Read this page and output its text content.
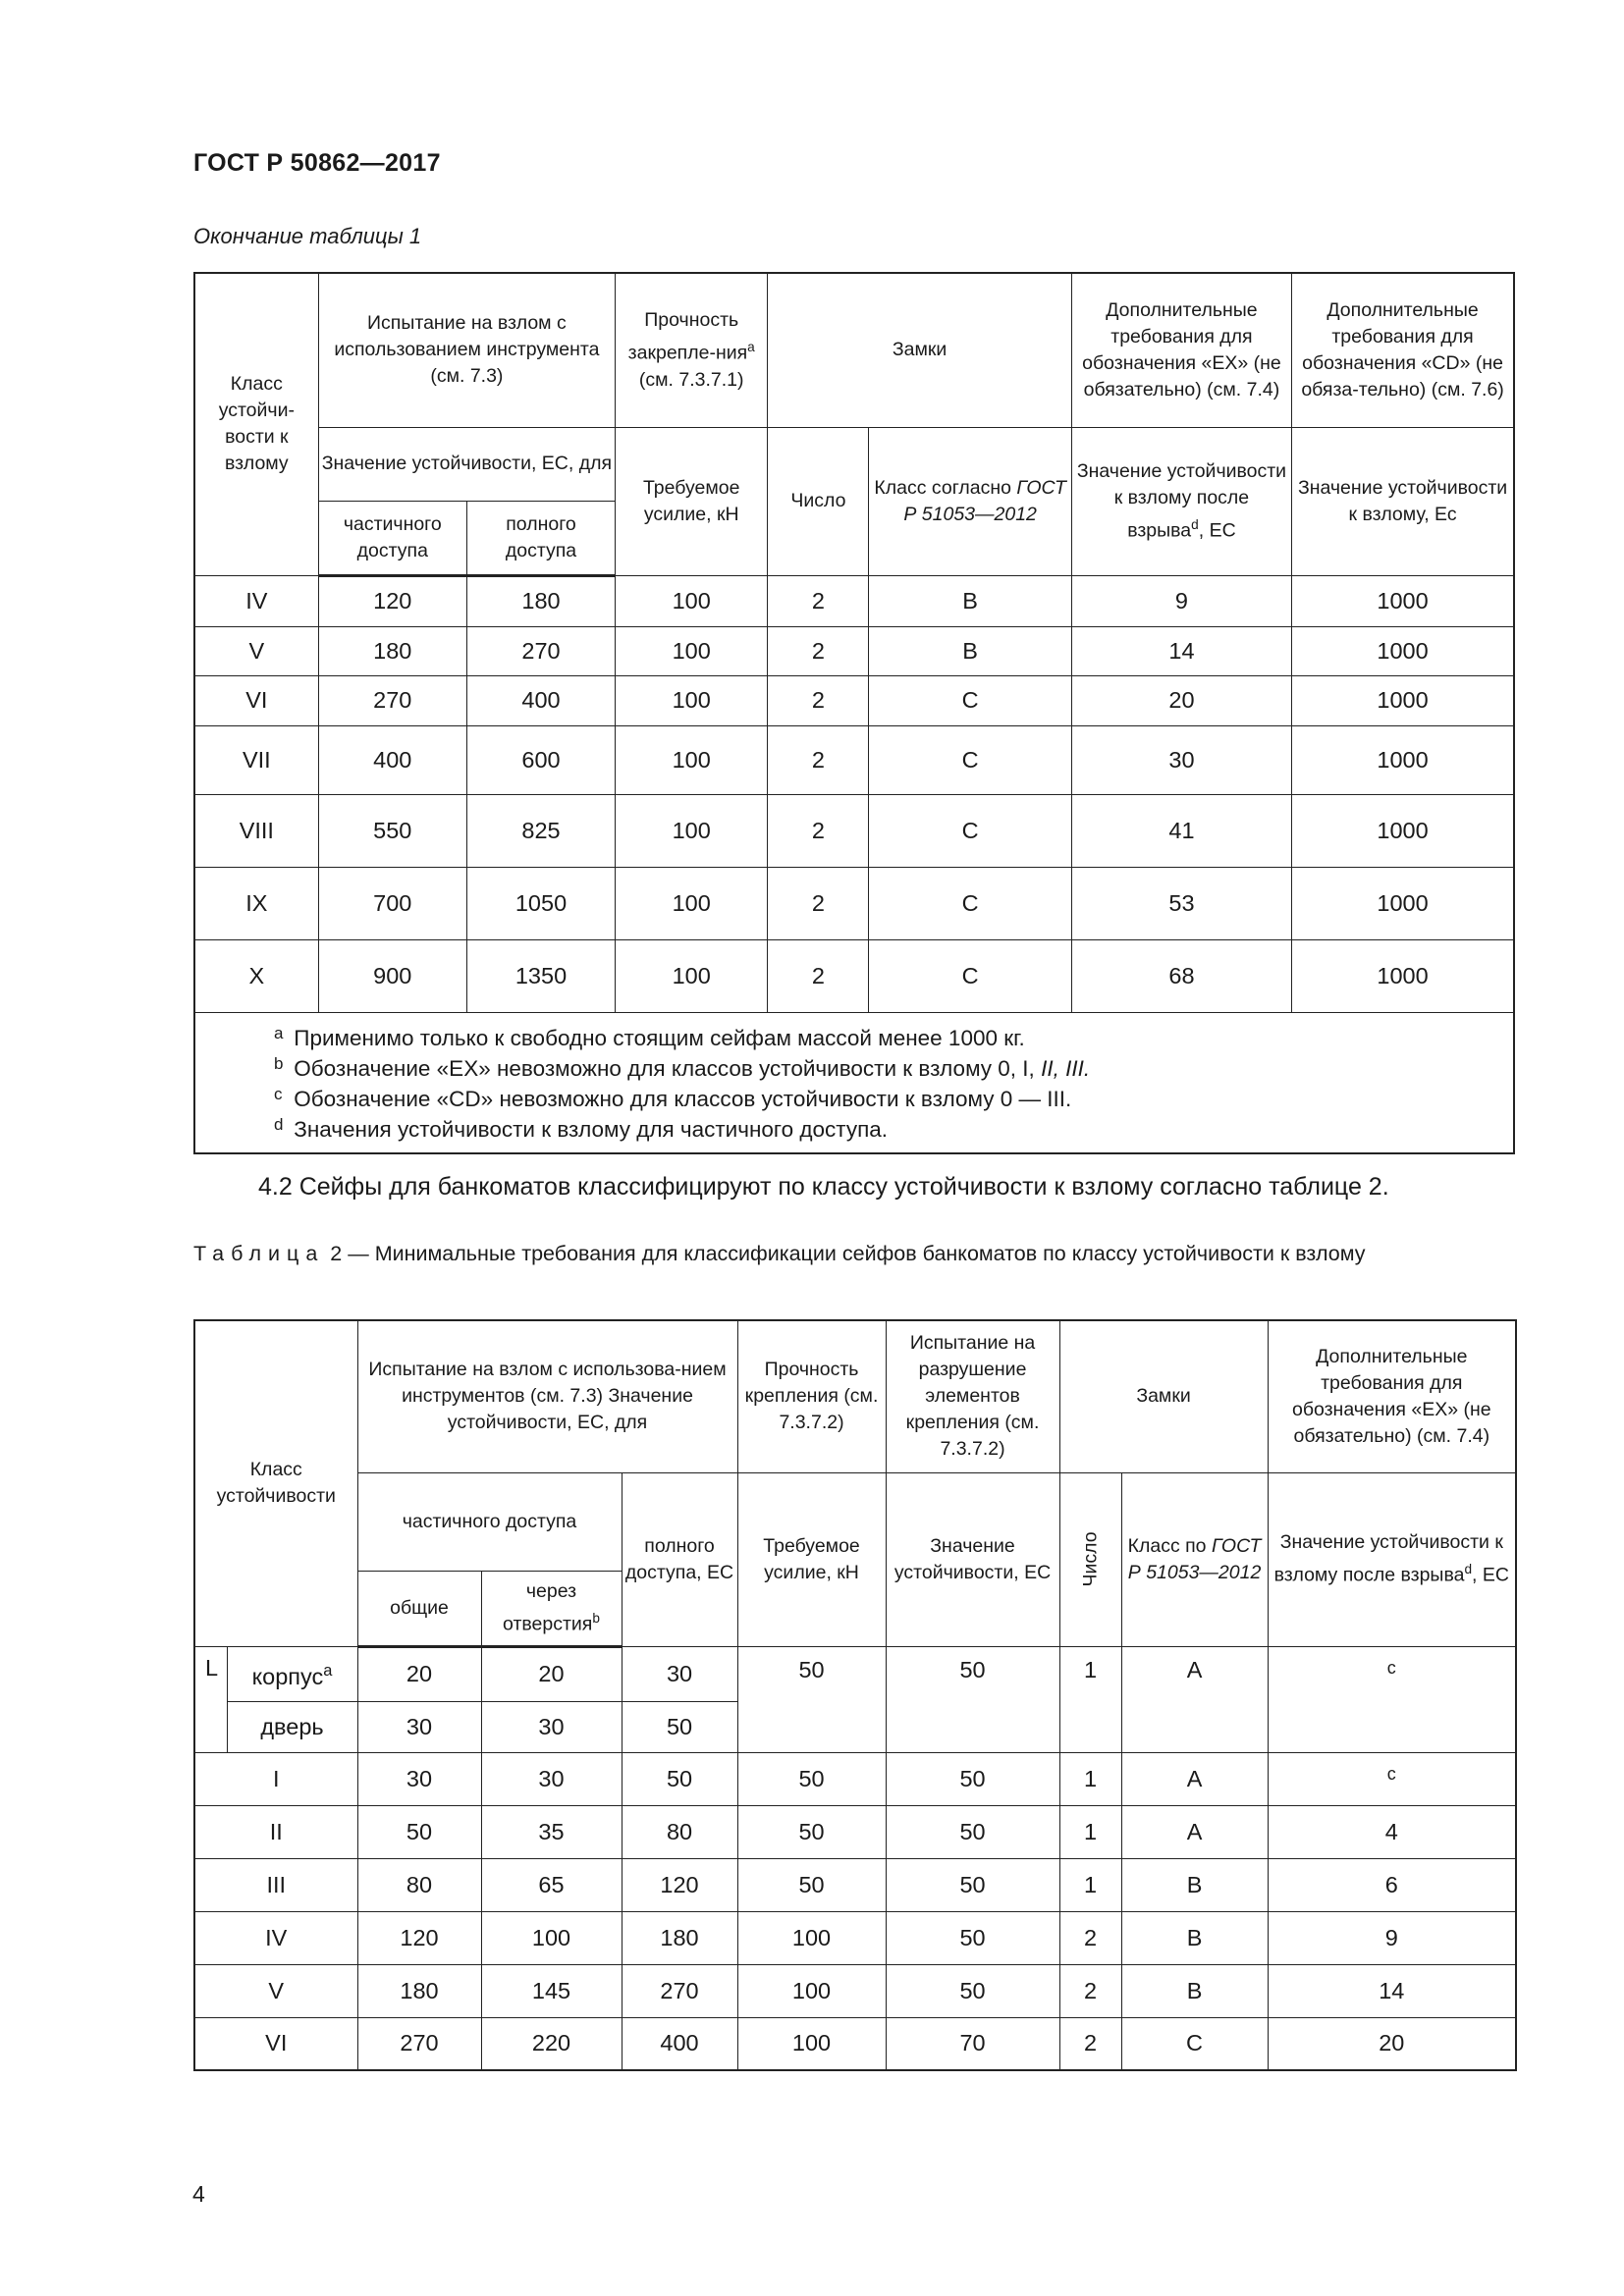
ГОСТ Р 50862—2017
Окончание таблицы 1
Класс устойчи-вости к взлому	Испытание на взлом с использованием инструмента (см. 7.3)		Прочность закрепле-ния$^a$
(см. 7.3.7.1)	Замки		Дополнительные требования для обозначения «ЕХ» (не обязательно) (см. 7.4)	Дополнительные требования для обозначения «CD» (не обяза-тельно) (см. 7.6)
	Значение устойчивости, ЕС, для		Требуемое усилие, кН	Число	Класс согласно ГОСТ Р 51053—2012	Значение устойчивости к взлому после взрыва$^d$, ЕС	Значение устойчивости к взлому, Ес
	частичного доступа	полного доступа					
IV	120	180	100	2	B	9	1000
V	180	270	100	2	B	14	1000
VI	270	400	100	2	C	20	1000
VII	400	600	100	2	C	30	1000
VIII	550	825	100	2	C	41	1000
IX	700	1050	100	2	C	53	1000
X	900	1350	100	2	C	68	1000

a Применимо только к свободно стоящим сейфам массой менее 1000 кг.
b Обозначение «ЕХ» невозможно для классов устойчивости к взлому 0, I, II, III.
c Обозначение «CD» невозможно для классов устойчивости к взлому 0 — III.
d Значения устойчивости к взлому для частичного доступа.							
4.2 Сейфы для банкоматов классифицируют по классу устойчивости к взлому согласно таблице 2.
Таблица 2 — Минимальные требования для классификации сейфов банкоматов по классу устойчивости к взлому
Класс устойчивости		Испытание на взлом с использова-нием инструментов (см. 7.3) Значение устойчивости, ЕС, для			Прочность крепления (см. 7.3.7.2)	Испытание на разрушение элементов крепления (см. 7.3.7.2)	Замки		Дополнительные требования для обозначения «ЕХ» (не обязательно) (см. 7.4)
		частичного доступа		полного доступа, ЕС	Требуемое усилие, кН	Значение устойчивости, ЕС	Число	Класс по ГОСТ Р 51053—2012	Значение устойчивости к взлому после взрыва$^d$, ЕС
		общие	через отверстия$^b$
L	корпус$^a$	20	20	30	50	50	1	A	c
	дверь	30	30	50					
I		30	30	50	50	50	1	A	c
II		50	35	80	50	50	1	A	4
III		80	65	120	50	50	1	B	6
IV		120	100	180	100	50	2	B	9
V		180	145	270	100	50	2	B	14
VI		270	220	400	100	70	2	C	20
4
